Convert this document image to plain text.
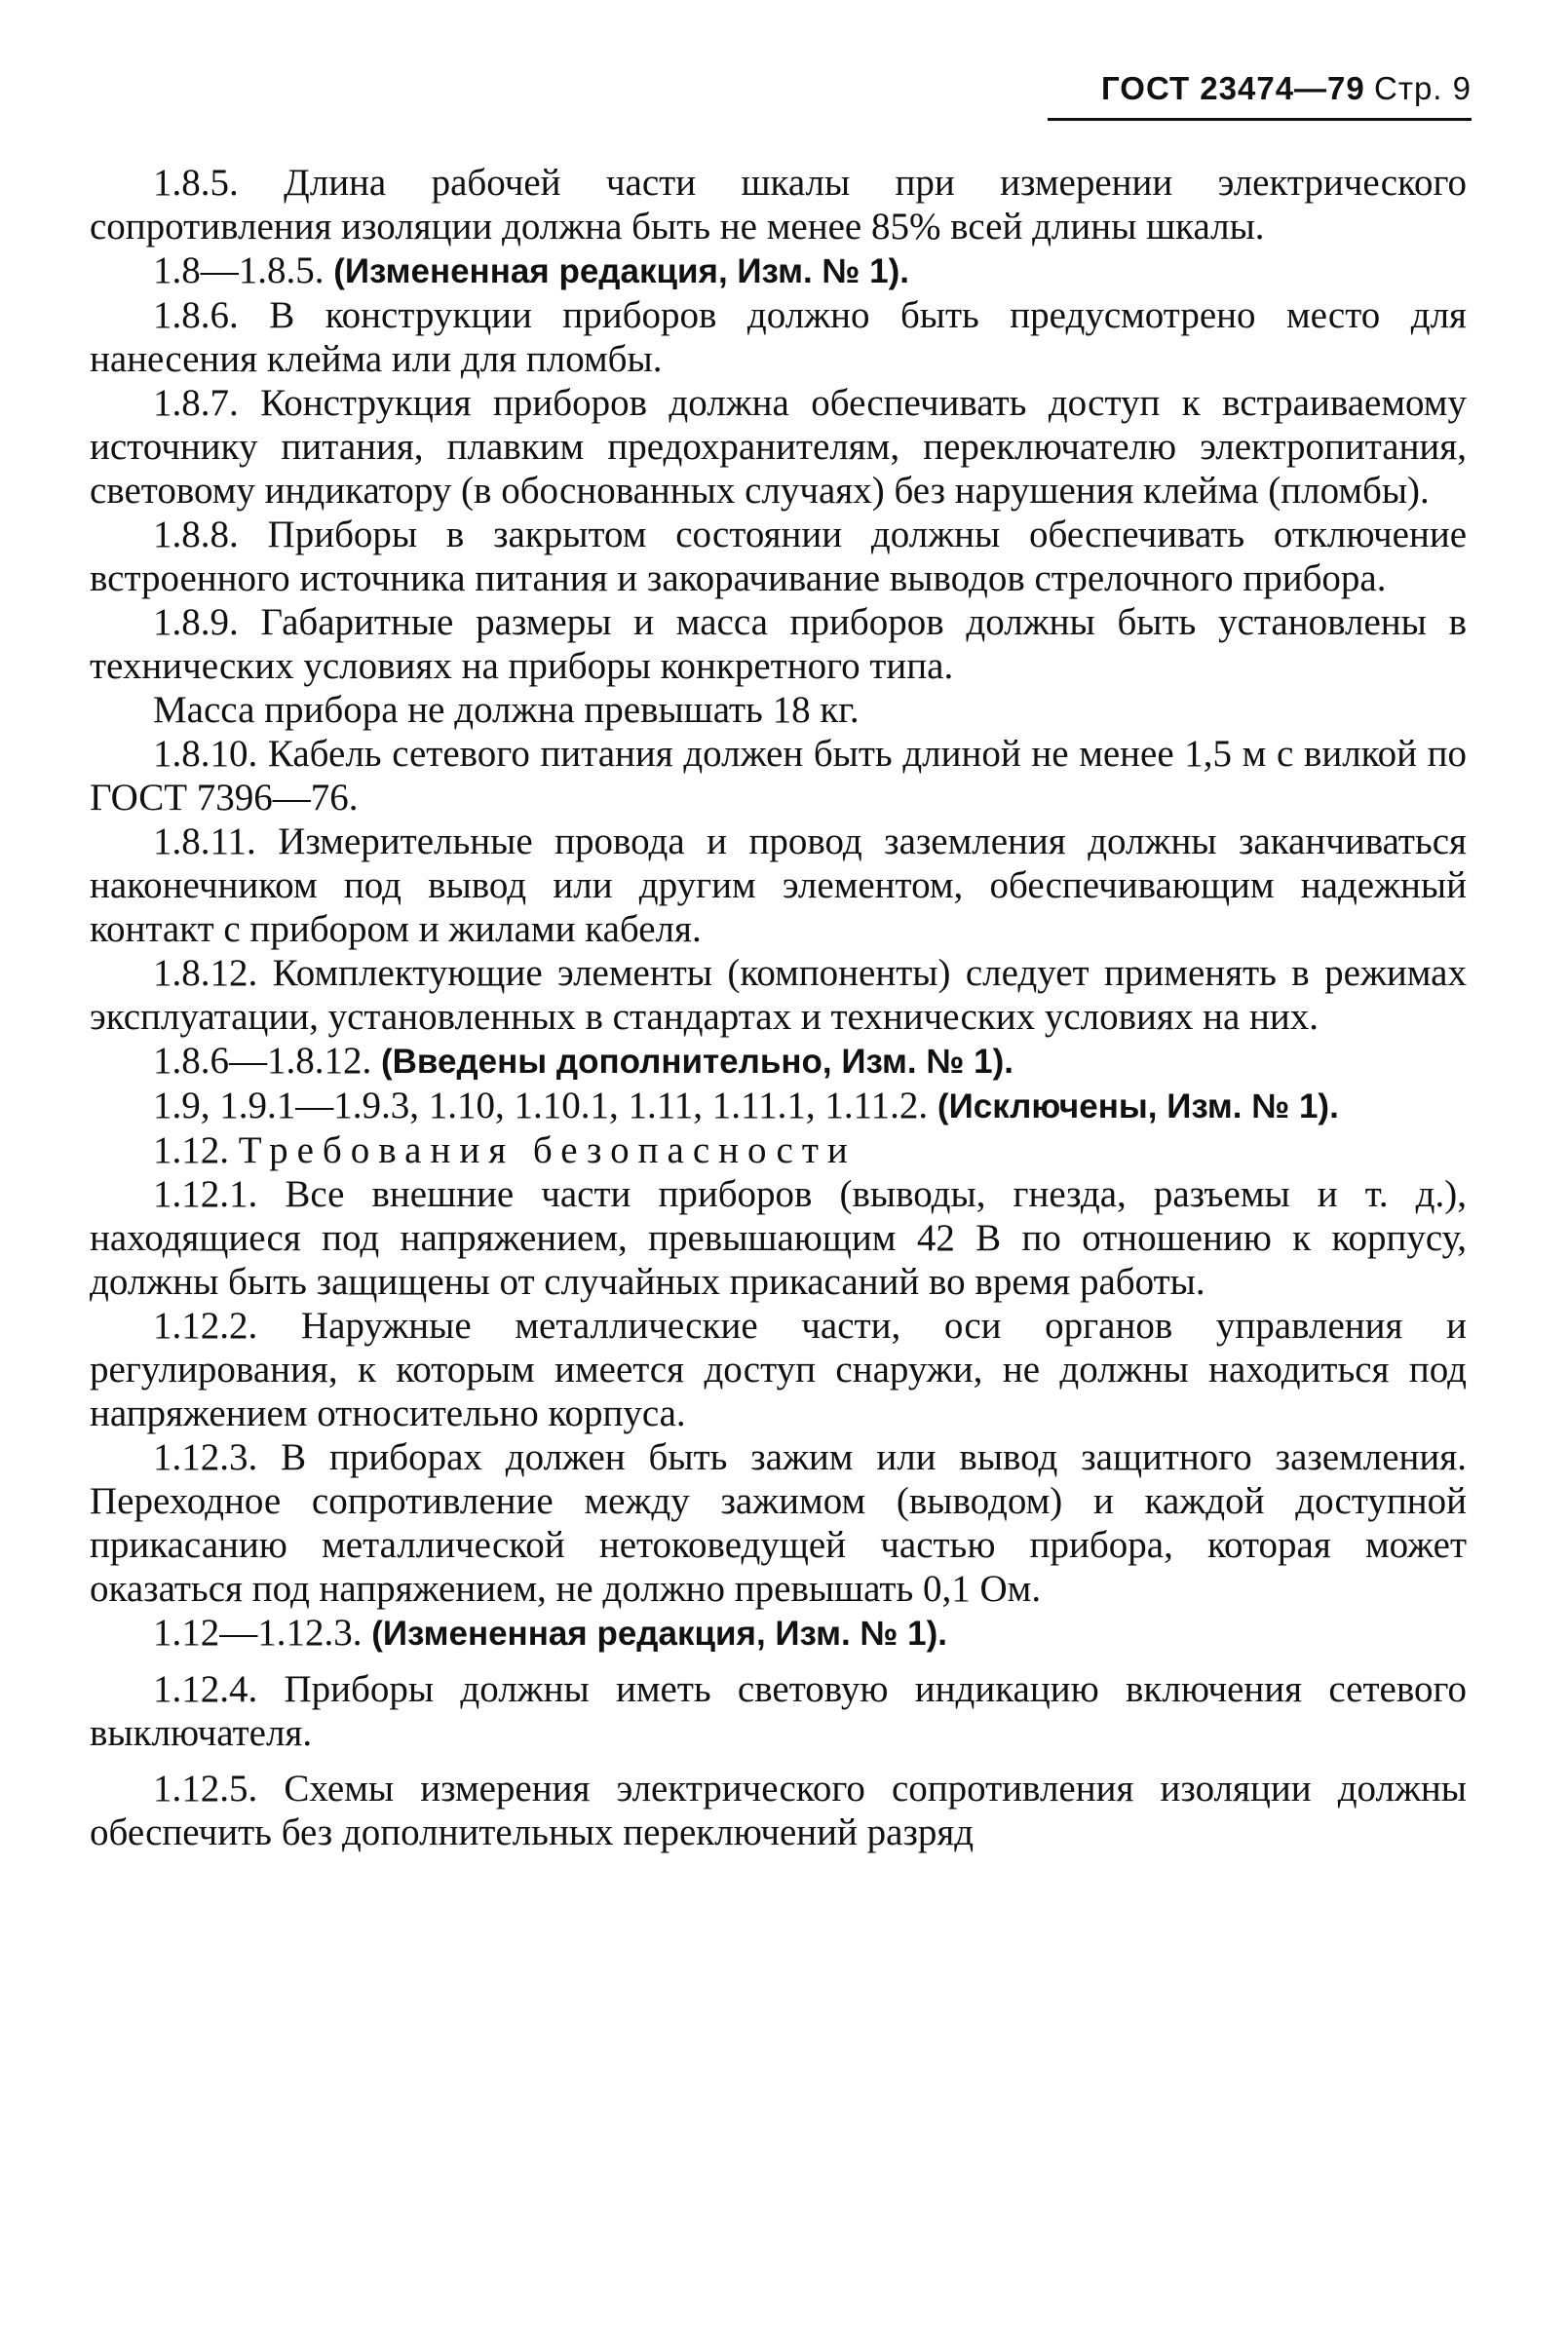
ГОСТ 23474—79 Стр. 9

1.8.5. Длина рабочей части шкалы при измерении электрического сопротивления изоляции должна быть не менее 85% всей длины шкалы.

1.8—1.8.5. (Измененная редакция, Изм. № 1).

1.8.6. В конструкции приборов должно быть предусмотрено место для нанесения клейма или для пломбы.

1.8.7. Конструкция приборов должна обеспечивать доступ к встраиваемому источнику питания, плавким предохранителям, переключателю электропитания, световому индикатору (в обоснованных случаях) без нарушения клейма (пломбы).

1.8.8. Приборы в закрытом состоянии должны обеспечивать отключение встроенного источника питания и закорачивание выводов стрелочного прибора.

1.8.9. Габаритные размеры и масса приборов должны быть установлены в технических условиях на приборы конкретного типа.

Масса прибора не должна превышать 18 кг.

1.8.10. Кабель сетевого питания должен быть длиной не менее 1,5 м с вилкой по ГОСТ 7396—76.

1.8.11. Измерительные провода и провод заземления должны заканчиваться наконечником под вывод или другим элементом, обеспечивающим надежный контакт с прибором и жилами кабеля.

1.8.12. Комплектующие элементы (компоненты) следует применять в режимах эксплуатации, установленных в стандартах и технических условиях на них.

1.8.6—1.8.12. (Введены дополнительно, Изм. № 1).

1.9, 1.9.1—1.9.3, 1.10, 1.10.1, 1.11, 1.11.1, 1.11.2. (Исключены, Изм. № 1).

1.12. Требования безопасности

1.12.1. Все внешние части приборов (выводы, гнезда, разъемы и т. д.), находящиеся под напряжением, превышающим 42 В по отношению к корпусу, должны быть защищены от случайных прикасаний во время работы.

1.12.2. Наружные металлические части, оси органов управления и регулирования, к которым имеется доступ снаружи, не должны находиться под напряжением относительно корпуса.

1.12.3. В приборах должен быть зажим или вывод защитного заземления. Переходное сопротивление между зажимом (выводом) и каждой доступной прикасанию металлической нетоковедущей частью прибора, которая может оказаться под напряжением, не должно превышать 0,1 Ом.

1.12—1.12.3. (Измененная редакция, Изм. № 1).

1.12.4. Приборы должны иметь световую индикацию включения сетевого выключателя.

1.12.5. Схемы измерения электрического сопротивления изоляции должны обеспечить без дополнительных переключений разряд
